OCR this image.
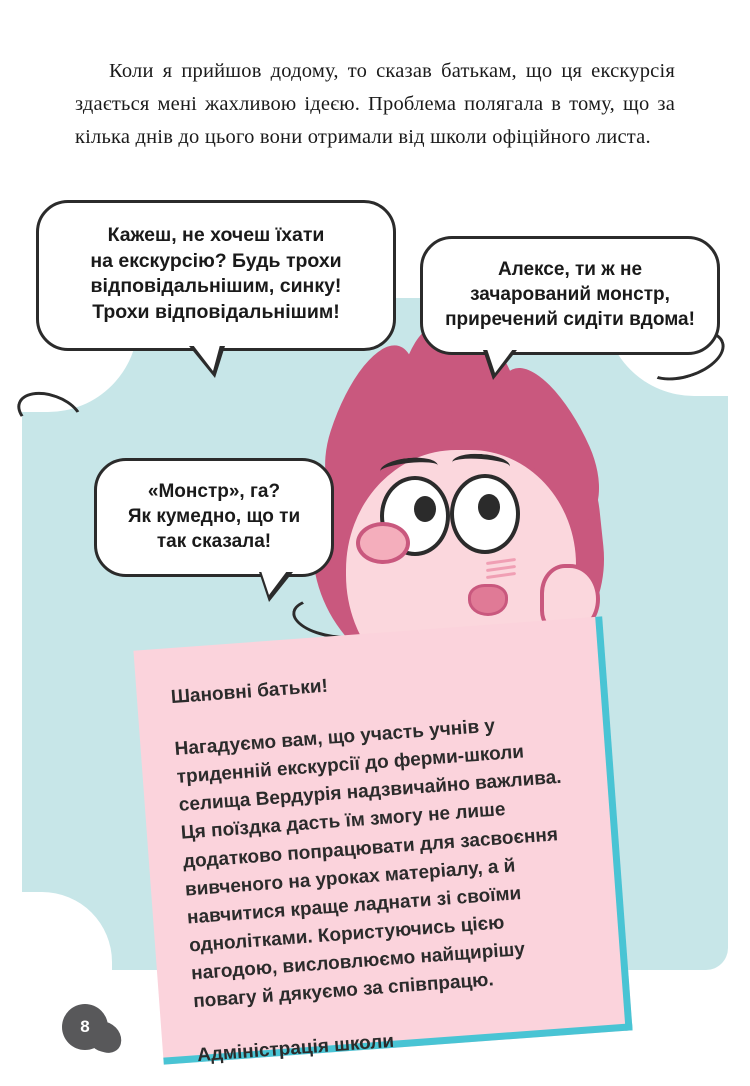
Коли я прийшов додому, то сказав батькам, що ця екскурсія здається мені жахливою ідеєю. Проблема полягала в тому, що за кілька днів до цього вони отримали від школи офіційного листа.

Кажеш, не хочеш їхати

на екскурсію? Будь трохи

відповідальнішим, синку!

Трохи відповідальнішим!

Алексе, ти ж не

зачарований монстр,

приречений сидіти вдома!

«Монстр», га?

Як кумедно, що ти

так сказала!

Шановні батьки!

Нагадуємо вам, що участь учнів у триденній екскурсії до ферми-школи селища Вердурія надзвичайно важлива. Ця поїздка дасть їм змогу не лише додатково попрацювати для засвоєння вивченого на уроках матеріалу, а й навчитися краще ладнати зі своїми однолітками. Користуючись цією нагодою, висловлюємо найщирішу повагу й дякуємо за співпрацю.

Адміністрація школи

8
